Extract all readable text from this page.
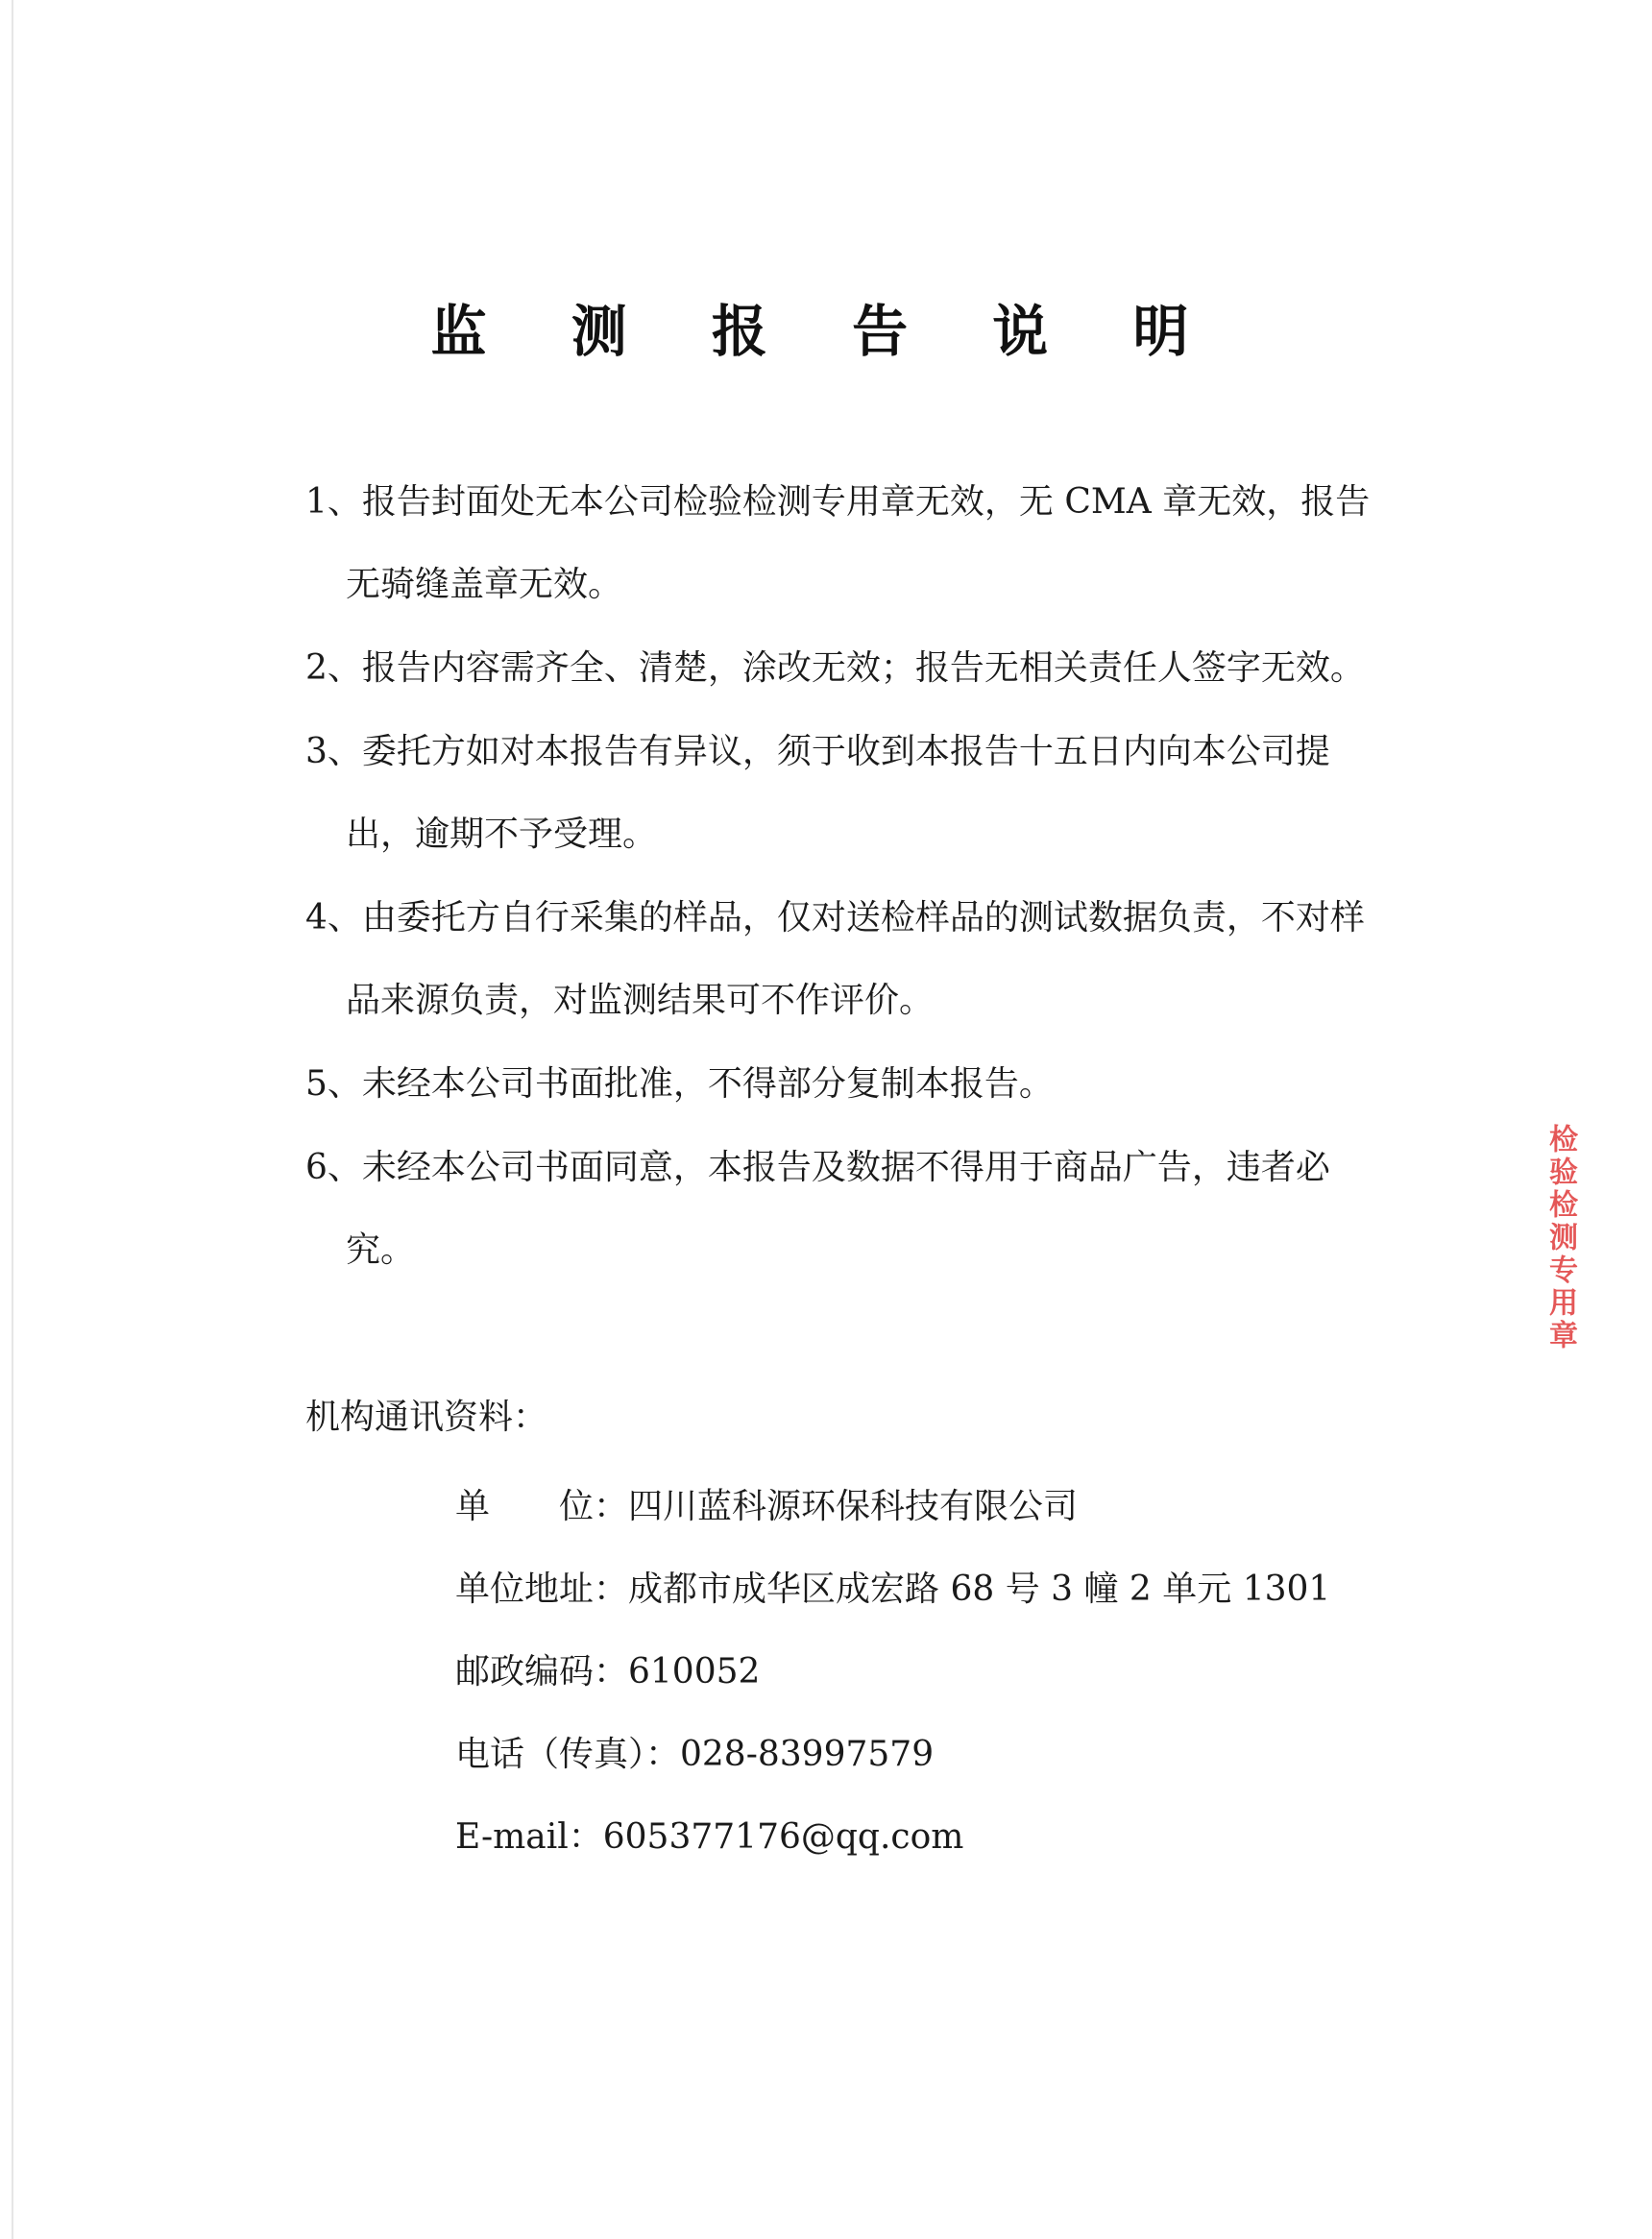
监 测 报 告 说 明
1、报告封面处无本公司检验检测专用章无效，无 CMA 章无效，报告无骑缝盖章无效。
2、报告内容需齐全、清楚，涂改无效；报告无相关责任人签字无效。
3、委托方如对本报告有异议，须于收到本报告十五日内向本公司提出，逾期不予受理。
4、由委托方自行采集的样品，仅对送检样品的测试数据负责，不对样品来源负责，对监测结果可不作评价。
5、未经本公司书面批准，不得部分复制本报告。
6、未经本公司书面同意，本报告及数据不得用于商品广告，违者必究。
机构通讯资料：
单　　位：四川蓝科源环保科技有限公司
单位地址：成都市成华区成宏路 68 号 3 幢 2 单元 1301
邮政编码：610052
电话（传真）：028-83997579
E-mail：605377176@qq.com
检验检测专用章
